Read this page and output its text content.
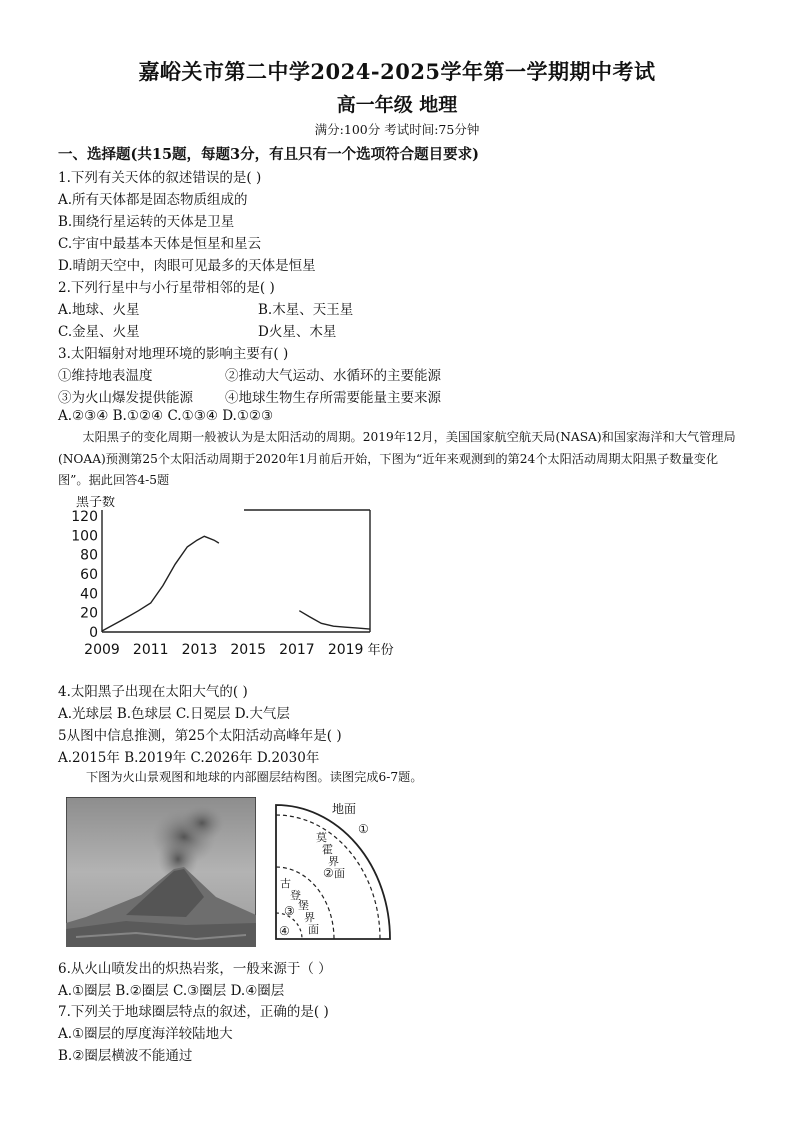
嘉峪关市第二中学2024-2025学年第一学期期中考试
高一年级 地理
满分:100分 考试时间:75分钟
一、选择题(共15题，每题3分，有且只有一个选项符合题目要求)
1.下列有关天体的叙述错误的是( )
A.所有天体都是固态物质组成的
B.围绕行星运转的天体是卫星
C.宇宙中最基本天体是恒星和星云
D.晴朗天空中，肉眼可见最多的天体是恒星
2.下列行星中与小行星带相邻的是( )
A.地球、火星	B.木星、天王星
C.金星、火星	D火星、木星
3.太阳辐射对地理环境的影响主要有( )
①维持地表温度	②推动大气运动、水循环的主要能源
③为火山爆发提供能源 ④地球生物生存所需要能量主要来源
A.②③④ B.①②④ C.①③④ D.①②③
太阳黑子的变化周期一般被认为是太阳活动的周期。2019年12月，美国国家航空航天局(NASA)和国家海洋和大气管理局(NOAA)预测第25个太阳活动周期于2020年1月前后开始，下图为“近年来观测到的第24个太阳活动周期太阳黑子数量变化图”。据此回答4-5题
0
20
40
60
80
100
120
2009 2011 2013 2015 2017 2019
黑子数
年份
4.太阳黑子出现在太阳大气的( )
A.光球层 B.色球层 C.日冕层 D.大气层
5从图中信息推测，第25个太阳活动高峰年是( )
A.2015年 B.2019年 C.2026年 D.2030年
下图为火山景观图和地球的内部圈层结构图。读图完成6-7题。
地面
①
莫
霍
界
面
②
古
登
堡
界
面
③
④
6.从火山喷发出的炽热岩浆，一般来源于（ ）
A.①圈层 B.②圈层 C.③圈层 D.④圈层
7.下列关于地球圈层特点的叙述，正确的是( )
A.①圈层的厚度海洋较陆地大
B.②圈层横波不能通过
